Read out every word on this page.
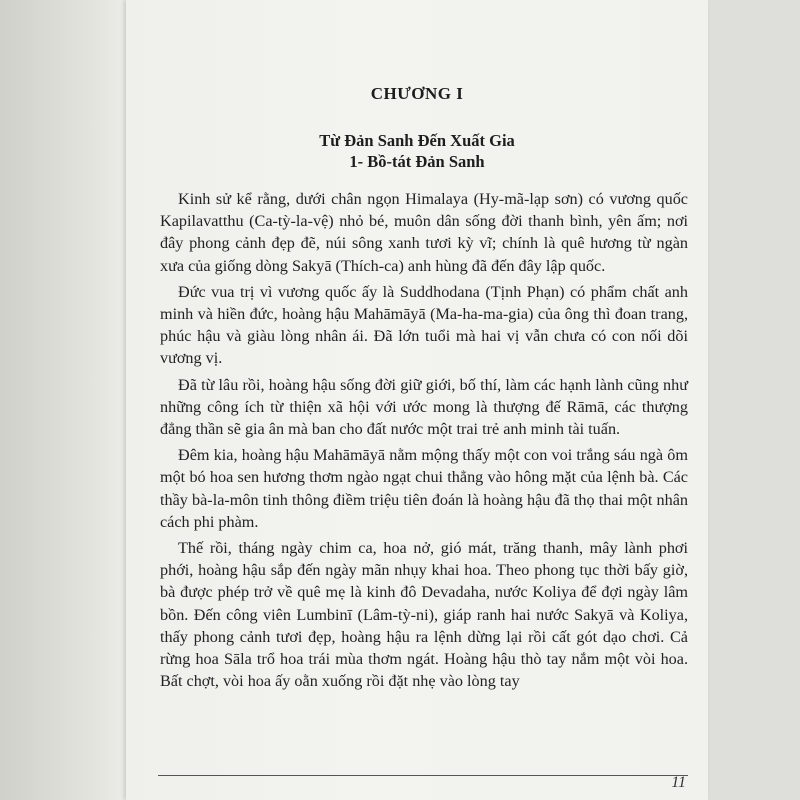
CHƯƠNG I
Từ Đản Sanh Đến Xuất Gia
1- Bồ-tát Đản Sanh

Kinh sử kể rằng, dưới chân ngọn Himalaya (Hy-mã-lạp sơn) có vương quốc Kapilavatthu (Ca-tỳ-la-vệ) nhỏ bé, muôn dân sống đời thanh bình, yên ấm; nơi đây phong cảnh đẹp đẽ, núi sông xanh tươi kỳ vĩ; chính là quê hương từ ngàn xưa của giống dòng Sakyā (Thích-ca) anh hùng đã đến đây lập quốc.

Đức vua trị vì vương quốc ấy là Suddhodana (Tịnh Phạn) có phẩm chất anh minh và hiền đức, hoàng hậu Mahāmāyā (Ma-ha-ma-gia) của ông thì đoan trang, phúc hậu và giàu lòng nhân ái. Đã lớn tuổi mà hai vị vẫn chưa có con nối dõi vương vị.

Đã từ lâu rồi, hoàng hậu sống đời giữ giới, bố thí, làm các hạnh lành cũng như những công ích từ thiện xã hội với ước mong là thượng đế Rāmā, các thượng đẳng thần sẽ gia ân mà ban cho đất nước một trai trẻ anh minh tài tuấn.

Đêm kia, hoàng hậu Mahāmāyā nằm mộng thấy một con voi trắng sáu ngà ôm một bó hoa sen hương thơm ngào ngạt chui thẳng vào hông mặt của lệnh bà. Các thầy bà-la-môn tinh thông điềm triệu tiên đoán là hoàng hậu đã thọ thai một nhân cách phi phàm.

Thế rồi, tháng ngày chim ca, hoa nở, gió mát, trăng thanh, mây lành phơi phới, hoàng hậu sắp đến ngày mãn nhụy khai hoa. Theo phong tục thời bấy giờ, bà được phép trở về quê mẹ là kinh đô Devadaha, nước Koliya để đợi ngày lâm bồn. Đến công viên Lumbinī (Lâm-tỳ-ni), giáp ranh hai nước Sakyā và Koliya, thấy phong cảnh tươi đẹp, hoàng hậu ra lệnh dừng lại rồi cất gót dạo chơi. Cả rừng hoa Sāla trổ hoa trái mùa thơm ngát. Hoàng hậu thò tay nắm một vòi hoa. Bất chợt, vòi hoa ấy oằn xuống rồi đặt nhẹ vào lòng tay

11
